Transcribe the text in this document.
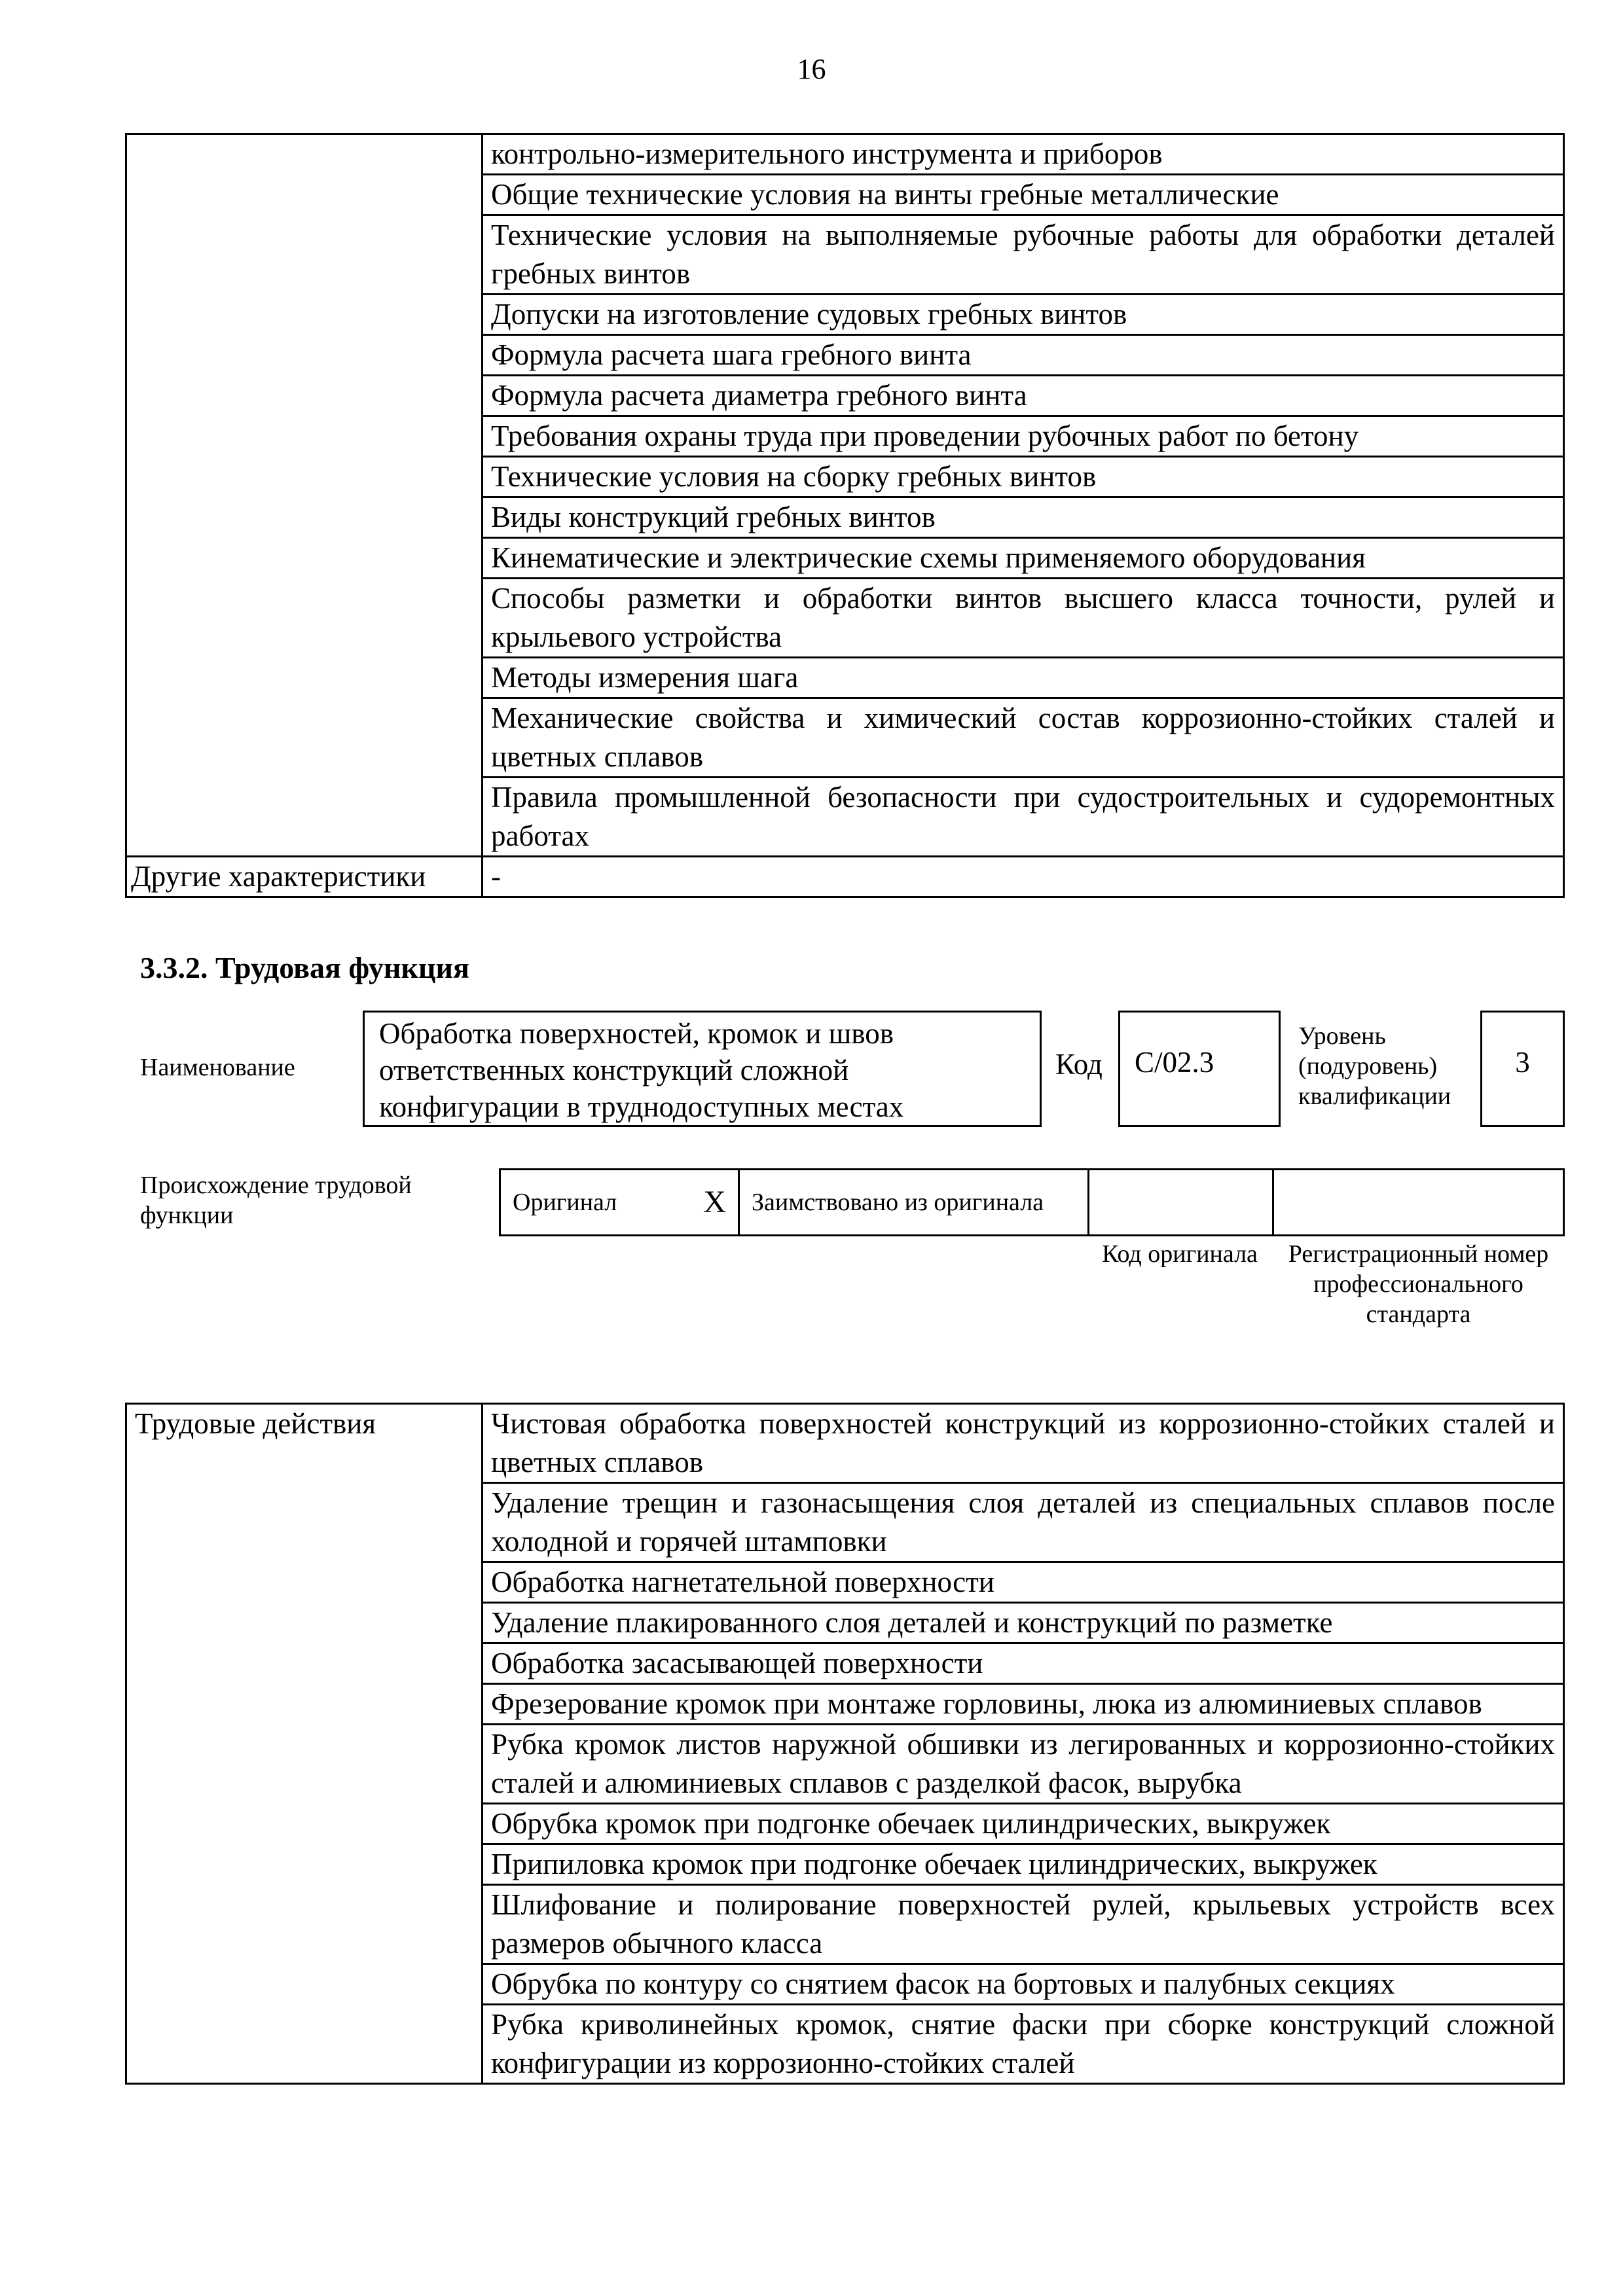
16
	контрольно-измерительного инструмента и приборов
	Общие технические условия на винты гребные металлические
	Технические условия на выполняемые рубочные работы для обработки деталей гребных винтов
	Допуски на изготовление судовых гребных винтов
	Формула расчета шага гребного винта
	Формула расчета диаметра гребного винта
	Требования охраны труда при проведении рубочных работ по бетону
	Технические условия на сборку гребных винтов
	Виды конструкций гребных винтов
	Кинематические и электрические схемы применяемого оборудования
	Способы разметки и обработки винтов высшего класса точности, рулей и крыльевого устройства
	Методы измерения шага
	Механические свойства и химический состав коррозионно-стойких сталей и цветных сплавов
	Правила промышленной безопасности при судостроительных и судоремонтных работах
Другие характеристики	-
3.3.2. Трудовая функция
Наименование
Обработка поверхностей, кромок и швов ответственных конструкций сложной конфигурации в труднодоступных местах
Код	C/02.3
Уровень (подуровень) квалификации
3
Происхождение трудовой функции	Оригинал	X	Заимствовано из оригинала		
Код оригинала	Регистрационный номер профессионального стандарта
Трудовые действия	Чистовая обработка поверхностей конструкций из коррозионно-стойких сталей и цветных сплавов
Удаление трещин и газонасыщения слоя деталей из специальных сплавов после холодной и горячей штамповки
Обработка нагнетательной поверхности
Удаление плакированного слоя деталей и конструкций по разметке
Обработка засасывающей поверхности
Фрезерование кромок при монтаже горловины, люка из алюминиевых сплавов
Рубка кромок листов наружной обшивки из легированных и коррозионно-стойких сталей и алюминиевых сплавов с разделкой фасок, вырубка
Обрубка кромок при подгонке обечаек цилиндрических, выкружек
Припиловка кромок при подгонке обечаек цилиндрических, выкружек
Шлифование и полирование поверхностей рулей, крыльевых устройств всех размеров обычного класса
Обрубка по контуру со снятием фасок на бортовых и палубных секциях
Рубка криволинейных кромок, снятие фаски при сборке конструкций сложной конфигурации из коррозионно-стойких сталей
